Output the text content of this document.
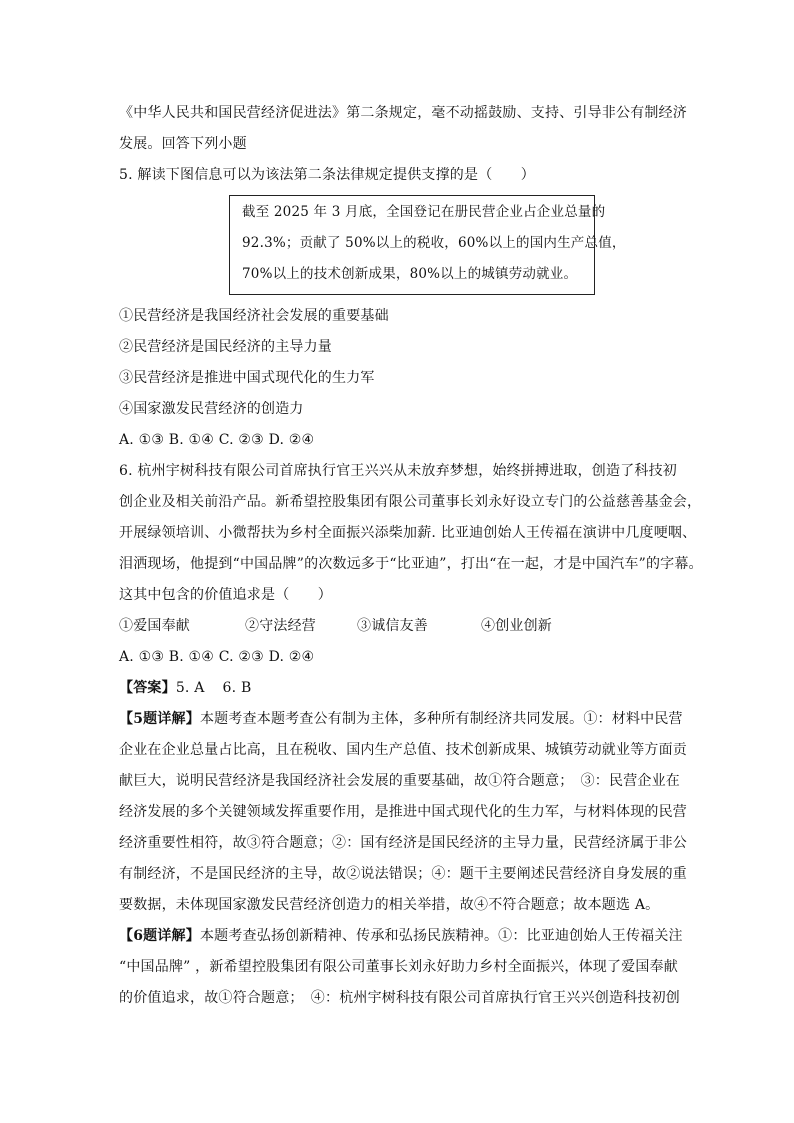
《中华人民共和国民营经济促进法》第二条规定，毫不动摇鼓励、支持、引导非公有制经济
发展。回答下列小题

5. 解读下图信息可以为该法第二条法律规定提供支撑的是（　　）

截至 2025 年 3 月底，全国登记在册民营企业占企业总量的
92.3%；贡献了 50%以上的税收，60%以上的国内生产总值，
70%以上的技术创新成果，80%以上的城镇劳动就业。
①民营经济是我国经济社会发展的重要基础
②民营经济是国民经济的主导力量
③民营经济是推进中国式现代化的生力军
④国家激发民营经济的创造力
A. ①③ B. ①④ C. ②③ D. ②④

6. 杭州宇树科技有限公司首席执行官王兴兴从未放弃梦想，始终拼搏进取，创造了科技初
创企业及相关前沿产品。新希望控股集团有限公司董事长刘永好设立专门的公益慈善基金会，
开展绿领培训、小微帮扶为乡村全面振兴添柴加薪. 比亚迪创始人王传福在演讲中几度哽咽、
泪洒现场，他提到“中国品牌”的次数远多于“比亚迪”，打出“在一起，才是中国汽车”的字幕。
这其中包含的价值追求是（　　）

①爱国奉献	②守法经营	③诚信友善	④创业创新
A. ①③ B. ①④ C. ②③ D. ②④
【答案】5. A 6. B

【5题详解】本题考查本题考查公有制为主体，多种所有制经济共同发展。①：材料中民营
企业在企业总量占比高，且在税收、国内生产总值、技术创新成果、城镇劳动就业等方面贡
献巨大，说明民营经济是我国经济社会发展的重要基础，故①符合题意；　③：民营企业在
经济发展的多个关键领域发挥重要作用，是推进中国式现代化的生力军，与材料体现的民营
经济重要性相符，故③符合题意；②：国有经济是国民经济的主导力量，民营经济属于非公
有制经济，不是国民经济的主导，故②说法错误；④：题干主要阐述民营经济自身发展的重
要数据，未体现国家激发民营经济创造力的相关举措，故④不符合题意；故本题选 A。

【6题详解】本题考查弘扬创新精神、传承和弘扬民族精神。①：比亚迪创始人王传福关注
“中国品牌” ，新希望控股集团有限公司董事长刘永好助力乡村全面振兴，体现了爱国奉献
的价值追求，故①符合题意；　④：杭州宇树科技有限公司首席执行官王兴兴创造科技初创
